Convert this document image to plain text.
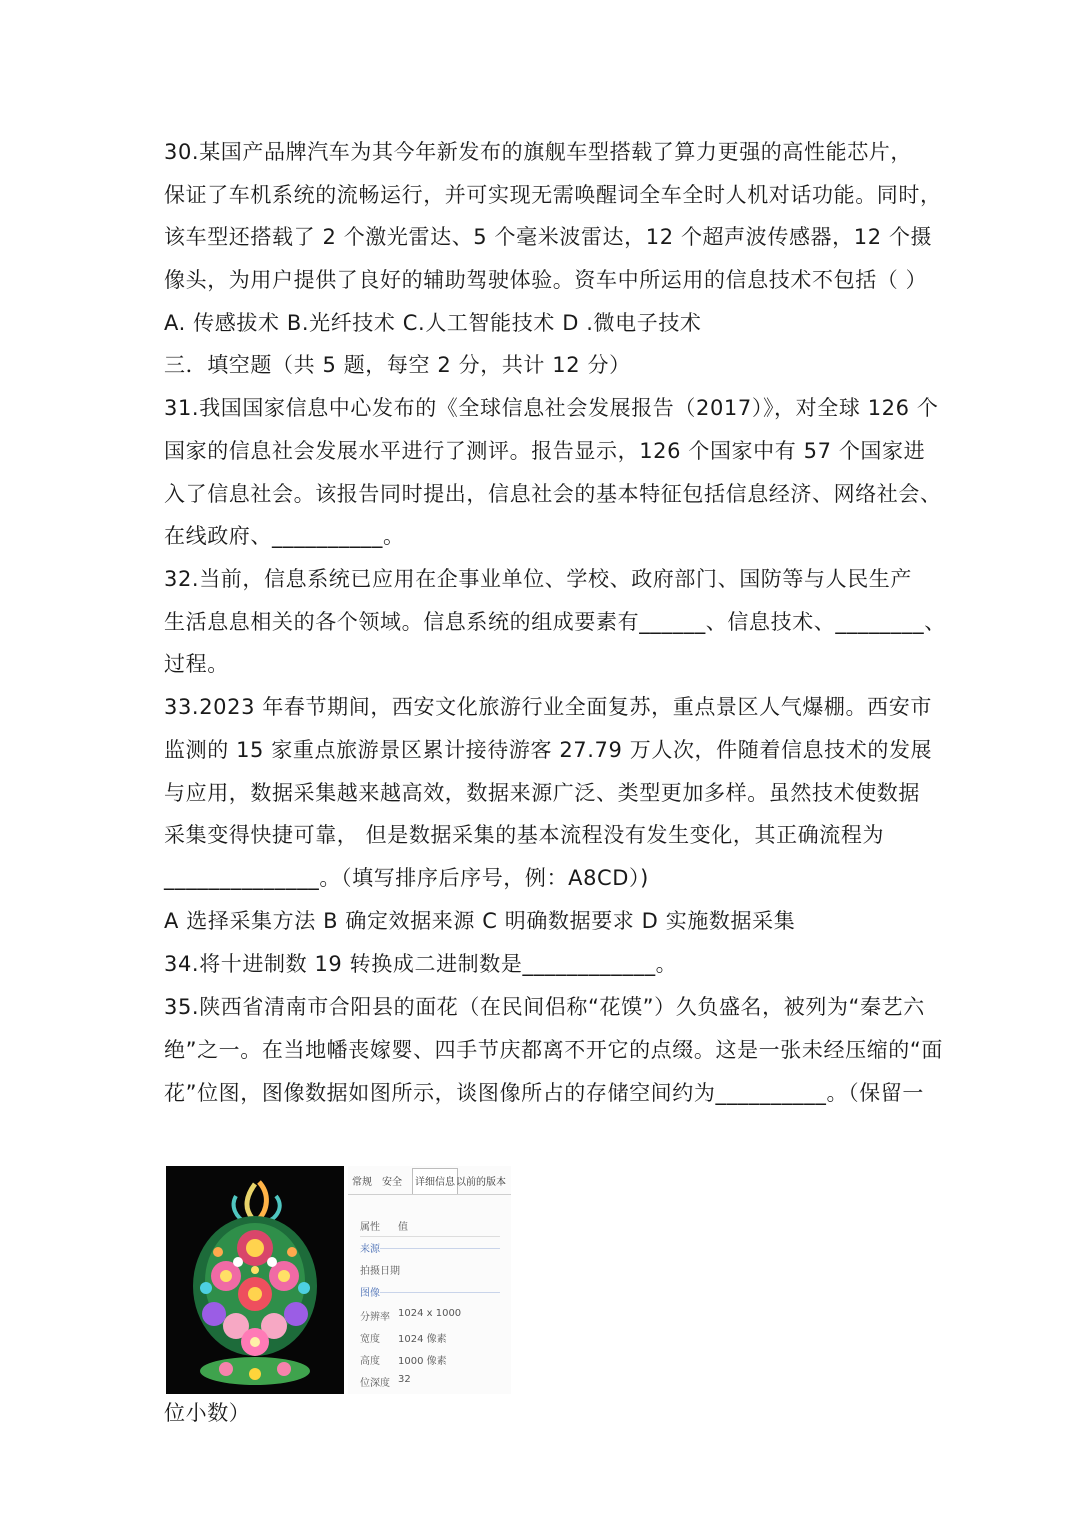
30.某国产品牌汽车为其今年新发布的旗舰车型搭载了算力更强的高性能芯片，
保证了车机系统的流畅运行，并可实现无需唤醒词全车全时人机对话功能。同时，
该车型还搭载了 2 个激光雷达、5 个毫米波雷达，12 个超声波传感器，12 个摄
像头，为用户提供了良好的辅助驾驶体验。资车中所运用的信息技术不包括（ ）
A. 传感拔术 B.光纤技术 C.人工智能技术 D .微电子技术
三．填空题（共 5 题，每空 2 分，共计 12 分）
31.我国国家信息中心发布的《全球信息社会发展报告（2017）》，对全球 126 个
国家的信息社会发展水平进行了测评。报告显示，126 个国家中有 57 个国家进
入了信息社会。该报告同时提出，信息社会的基本特征包括信息经济、网络社会、
在线政府、__________。
32.当前，信息系统已应用在企事业单位、学校、政府部门、国防等与人民生产
生活息息相关的各个领域。信息系统的组成要素有______、信息技术、________、
过程。
33.2023 年春节期间，西安文化旅游行业全面复苏，重点景区人气爆棚。西安市
监测的 15 家重点旅游景区累计接待游客 27.79 万人次，件随着信息技术的发展
与应用，数据采集越来越高效，数据来源广泛、类型更加多样。虽然技术使数据
采集变得快捷可靠， 但是数据采集的基本流程没有发生变化，其正确流程为
______________。（填写排序后序号，例：A8CD）)
A 选择采集方法 B 确定效据来源 C 明确数据要求 D 实施数据采集
34.将十进制数 19 转换成二进制数是____________。
35.陕西省清南市合阳县的面花（在民间侣称“花馍”）久负盛名，被列为“秦艺六
绝”之一。在当地幡丧嫁婴、四手节庆都离不开它的点缀。这是一张未经压缩的“面
花”位图，图像数据如图所示，谈图像所占的存储空间约为__________。（保留一
常规 安全	详细信息 以前的版本
属性 值
来源
拍摄日期
图像
分辨率 1024 x 1000
宽度 1024 像素
高度 1000 像素
位深度 32
位小数）
